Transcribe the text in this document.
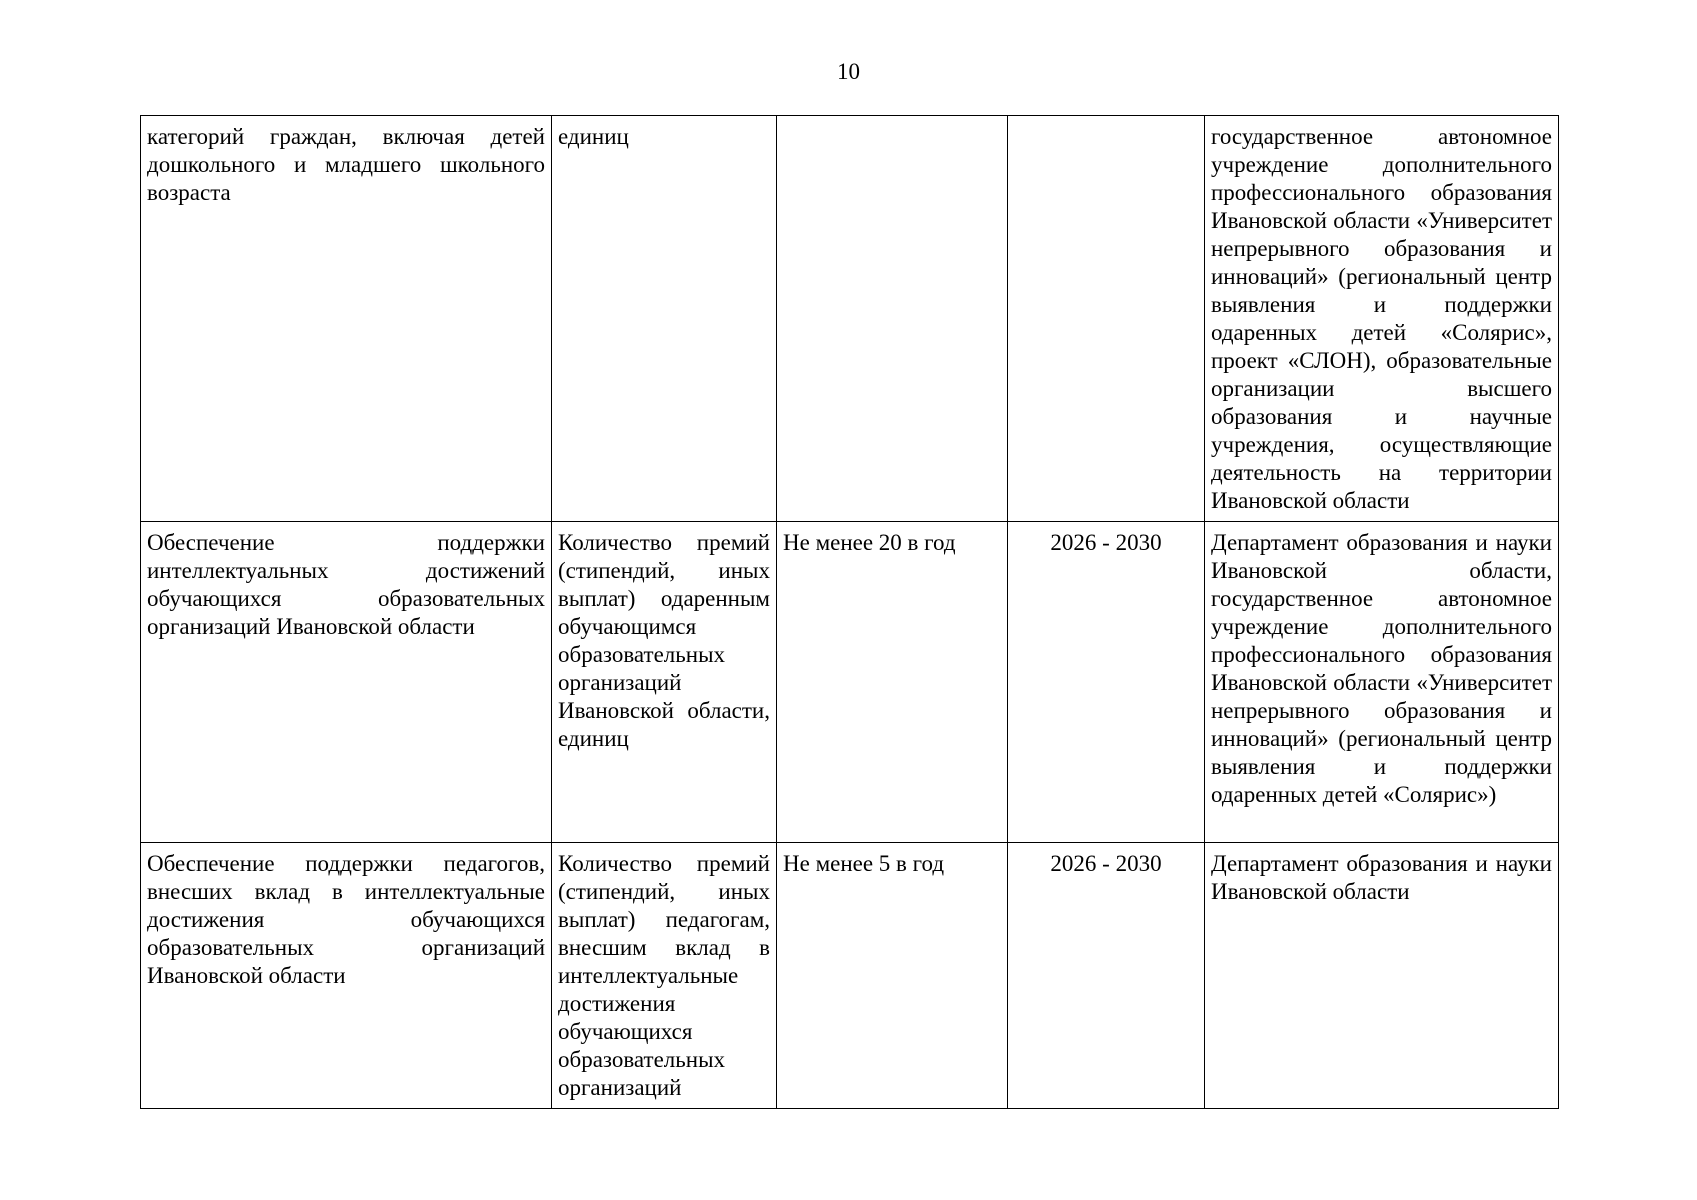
10
категорий граждан, включая детей дошкольного и младшего школьного возраста	единиц			государственное автономное учреждение дополнительного профессионального образования Ивановской области «Университет непрерывного образования и инноваций» (региональный центр выявления и поддержки одаренных детей «Солярис», проект «СЛОН), образовательные организации высшего образования и научные учреждения, осуществляющие деятельность на территории Ивановской области
Обеспечение поддержки интеллектуальных достижений обучающихся образовательных организаций Ивановской области	Количество премий (стипендий, иных выплат) одаренным обучающимся образовательных организаций Ивановской области, единиц	Не менее 20 в год	2026 - 2030	Департамент образования и науки Ивановской области, государственное автономное учреждение дополнительного профессионального образования Ивановской области «Университет непрерывного образования и инноваций» (региональный центр выявления и поддержки одаренных детей «Солярис»)
Обеспечение поддержки педагогов, внесших вклад в интеллектуальные достижения обучающихся образовательных организаций Ивановской области	Количество премий (стипендий, иных выплат) педагогам, внесшим вклад в интеллектуальные достижения обучающихся образовательных организаций	Не менее 5 в год	2026 - 2030	Департамент образования и науки Ивановской области
